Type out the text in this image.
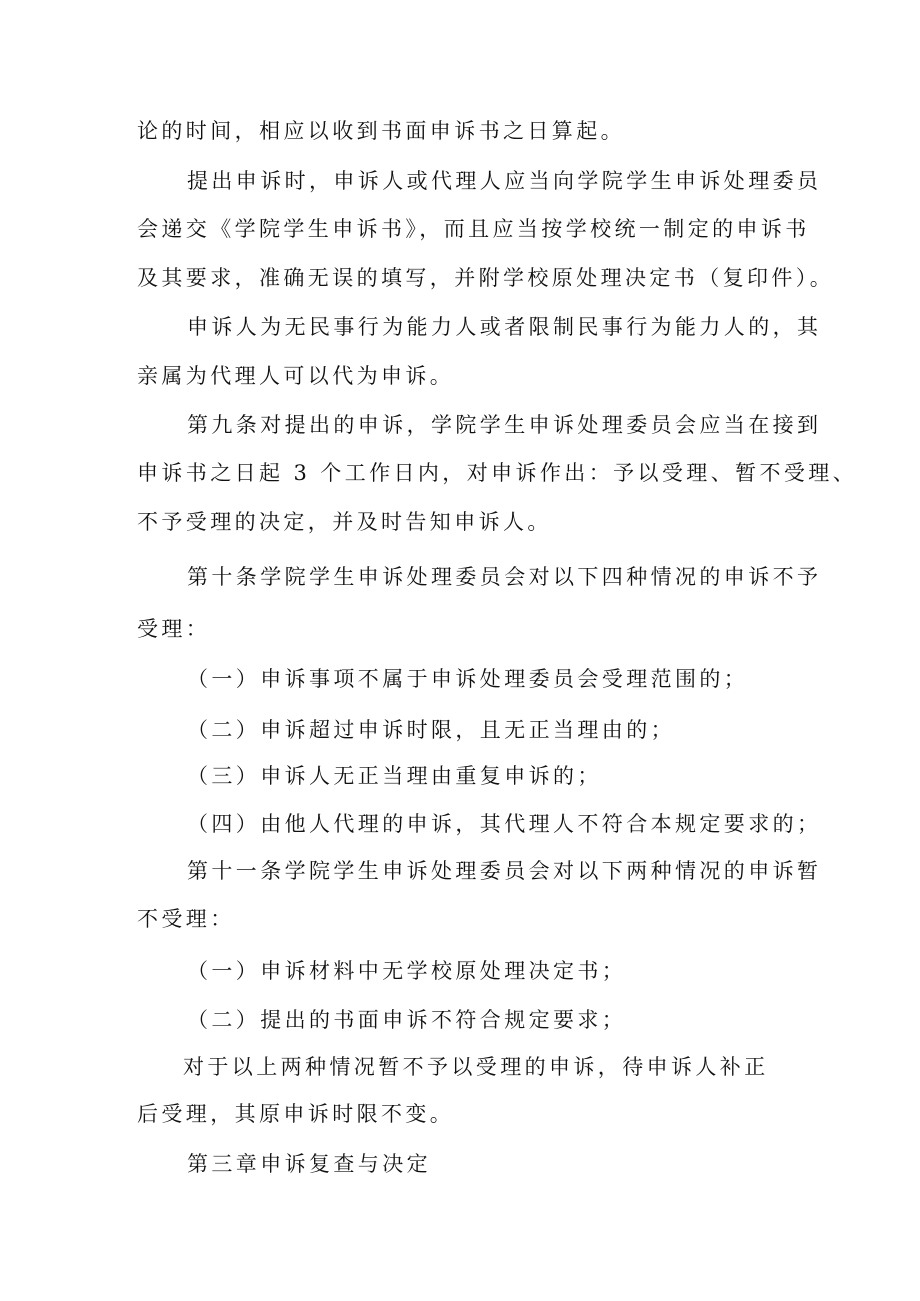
论的时间，相应以收到书面申诉书之日算起。
提出申诉时，申诉人或代理人应当向学院学生申诉处理委员
会递交《学院学生申诉书》，而且应当按学校统一制定的申诉书
及其要求，准确无误的填写，并附学校原处理决定书（复印件）。
申诉人为无民事行为能力人或者限制民事行为能力人的，其
亲属为代理人可以代为申诉。
第九条对提出的申诉，学院学生申诉处理委员会应当在接到
申诉书之日起 3 个工作日内，对申诉作出：予以受理、暂不受理、
不予受理的决定，并及时告知申诉人。
第十条学院学生申诉处理委员会对以下四种情况的申诉不予
受理：
（一）申诉事项不属于申诉处理委员会受理范围的；
（二）申诉超过申诉时限，且无正当理由的；
（三）申诉人无正当理由重复申诉的；
（四）由他人代理的申诉，其代理人不符合本规定要求的；
第十一条学院学生申诉处理委员会对以下两种情况的申诉暂
不受理：
（一）申诉材料中无学校原处理决定书；
（二）提出的书面申诉不符合规定要求；
对于以上两种情况暂不予以受理的申诉，待申诉人补正
后受理，其原申诉时限不变。
第三章申诉复查与决定
